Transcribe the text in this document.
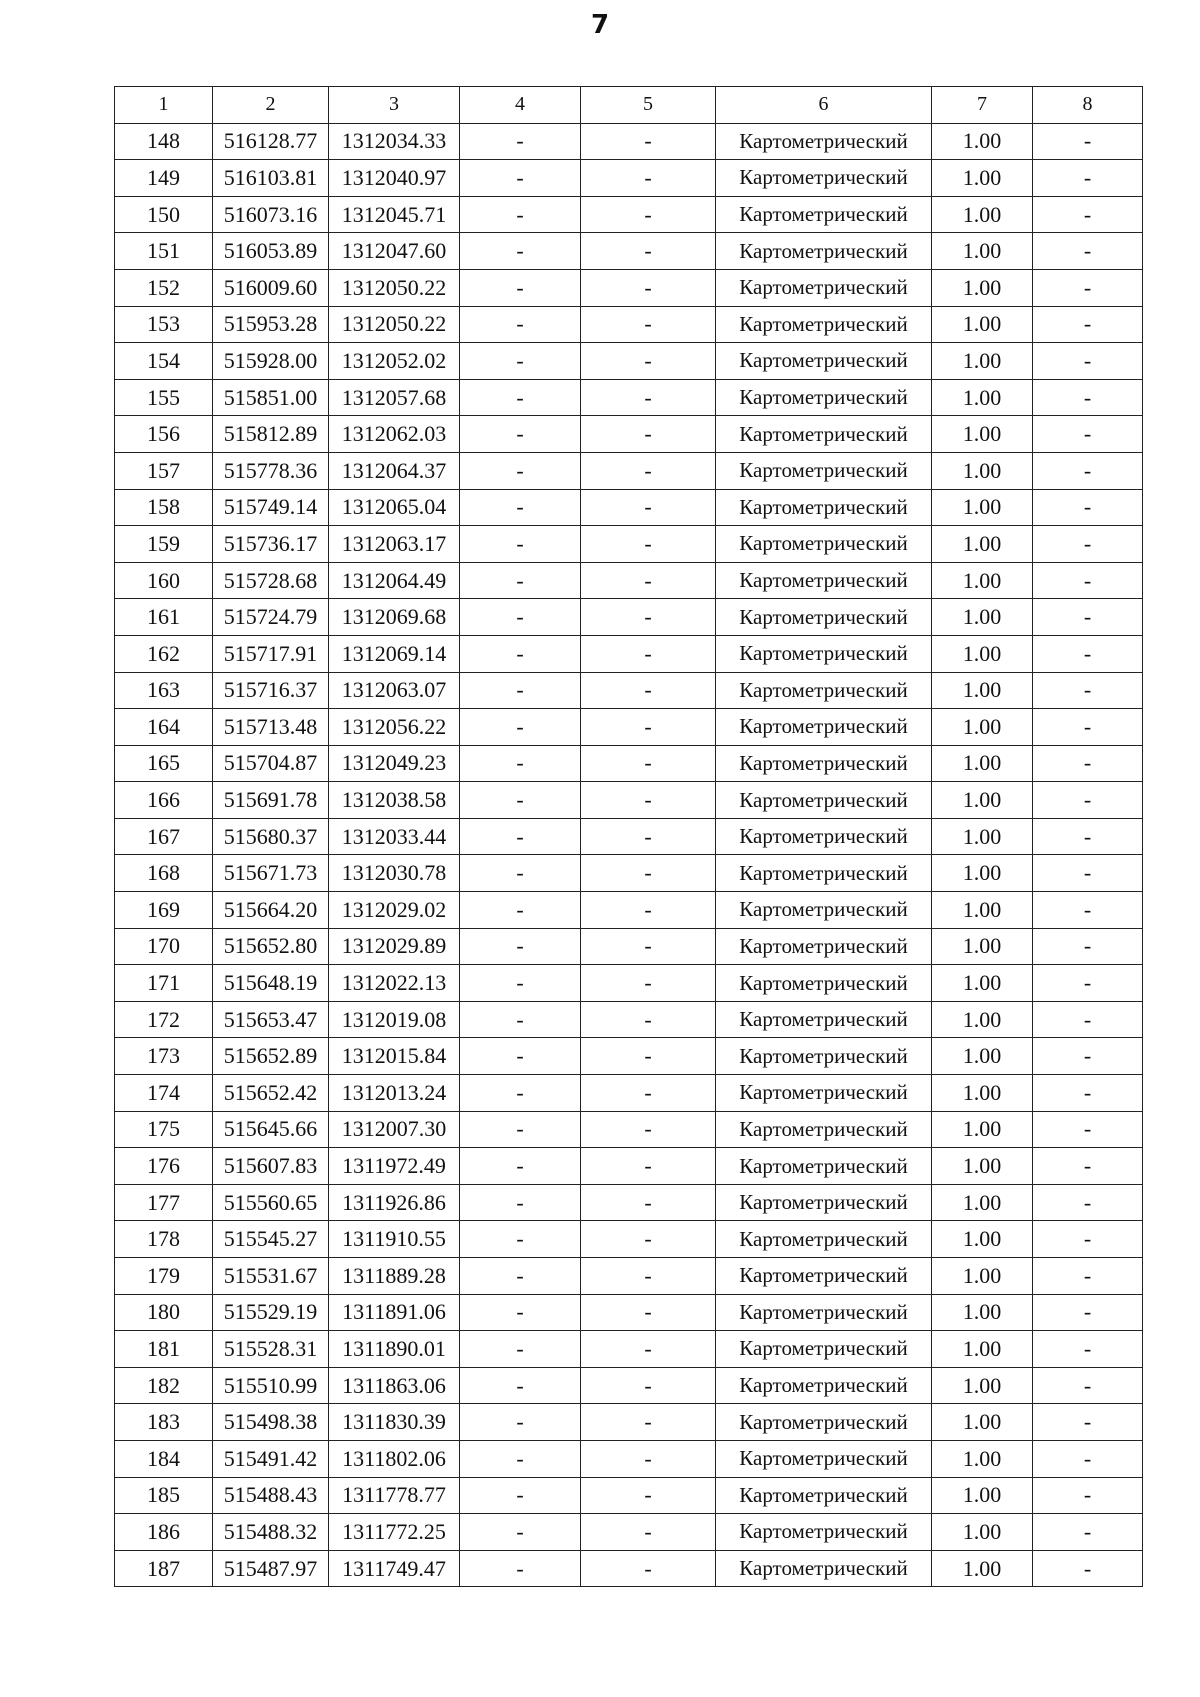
7
1	2	3	4	5	6	7	8
148	516128.77	1312034.33	-	-	Картометрический	1.00	-
149	516103.81	1312040.97	-	-	Картометрический	1.00	-
150	516073.16	1312045.71	-	-	Картометрический	1.00	-
151	516053.89	1312047.60	-	-	Картометрический	1.00	-
152	516009.60	1312050.22	-	-	Картометрический	1.00	-
153	515953.28	1312050.22	-	-	Картометрический	1.00	-
154	515928.00	1312052.02	-	-	Картометрический	1.00	-
155	515851.00	1312057.68	-	-	Картометрический	1.00	-
156	515812.89	1312062.03	-	-	Картометрический	1.00	-
157	515778.36	1312064.37	-	-	Картометрический	1.00	-
158	515749.14	1312065.04	-	-	Картометрический	1.00	-
159	515736.17	1312063.17	-	-	Картометрический	1.00	-
160	515728.68	1312064.49	-	-	Картометрический	1.00	-
161	515724.79	1312069.68	-	-	Картометрический	1.00	-
162	515717.91	1312069.14	-	-	Картометрический	1.00	-
163	515716.37	1312063.07	-	-	Картометрический	1.00	-
164	515713.48	1312056.22	-	-	Картометрический	1.00	-
165	515704.87	1312049.23	-	-	Картометрический	1.00	-
166	515691.78	1312038.58	-	-	Картометрический	1.00	-
167	515680.37	1312033.44	-	-	Картометрический	1.00	-
168	515671.73	1312030.78	-	-	Картометрический	1.00	-
169	515664.20	1312029.02	-	-	Картометрический	1.00	-
170	515652.80	1312029.89	-	-	Картометрический	1.00	-
171	515648.19	1312022.13	-	-	Картометрический	1.00	-
172	515653.47	1312019.08	-	-	Картометрический	1.00	-
173	515652.89	1312015.84	-	-	Картометрический	1.00	-
174	515652.42	1312013.24	-	-	Картометрический	1.00	-
175	515645.66	1312007.30	-	-	Картометрический	1.00	-
176	515607.83	1311972.49	-	-	Картометрический	1.00	-
177	515560.65	1311926.86	-	-	Картометрический	1.00	-
178	515545.27	1311910.55	-	-	Картометрический	1.00	-
179	515531.67	1311889.28	-	-	Картометрический	1.00	-
180	515529.19	1311891.06	-	-	Картометрический	1.00	-
181	515528.31	1311890.01	-	-	Картометрический	1.00	-
182	515510.99	1311863.06	-	-	Картометрический	1.00	-
183	515498.38	1311830.39	-	-	Картометрический	1.00	-
184	515491.42	1311802.06	-	-	Картометрический	1.00	-
185	515488.43	1311778.77	-	-	Картометрический	1.00	-
186	515488.32	1311772.25	-	-	Картометрический	1.00	-
187	515487.97	1311749.47	-	-	Картометрический	1.00	-
